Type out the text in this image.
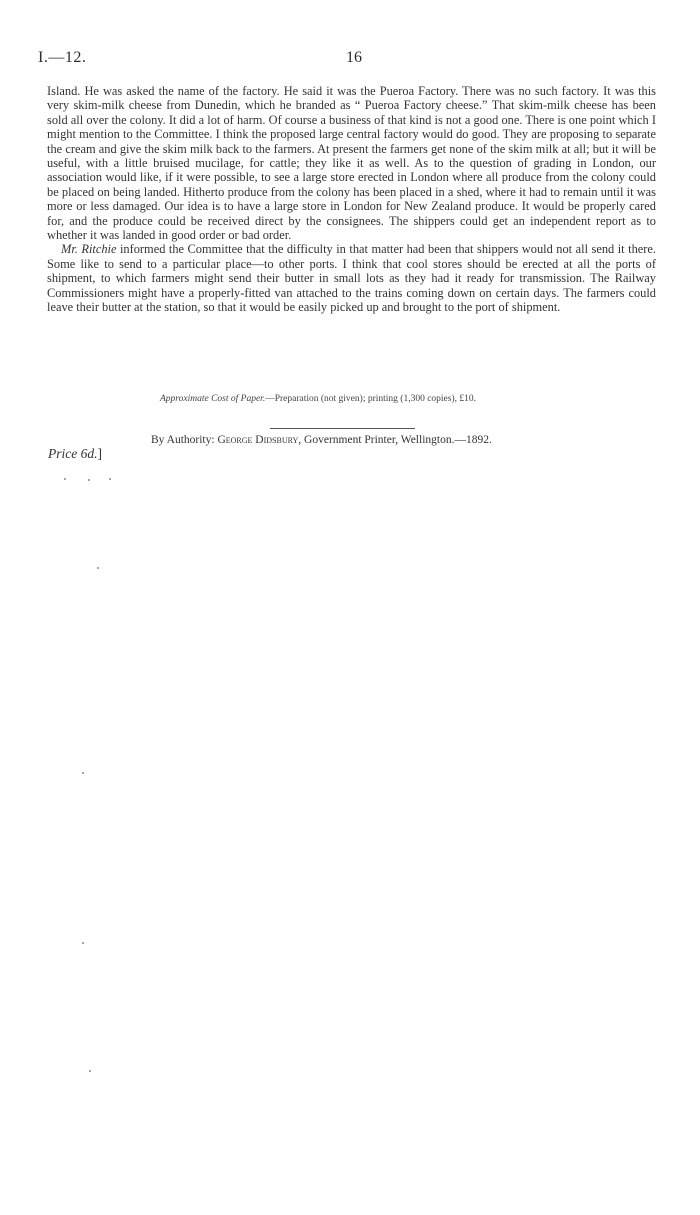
I.—12.	16

Island. He was asked the name of the factory. He said it was the Pueroa Factory. There was no such factory. It was this very skim-milk cheese from Dunedin, which he branded as “ Pueroa Factory cheese.” That skim-milk cheese has been sold all over the colony. It did a lot of harm. Of course a business of that kind is not a good one. There is one point which I might mention to the Committee. I think the proposed large central factory would do good. They are proposing to separate the cream and give the skim milk back to the farmers. At present the farmers get none of the skim milk at all; but it will be useful, with a little bruised mucilage, for cattle; they like it as well. As to the question of grading in London, our association would like, if it were possible, to see a large store erected in London where all produce from the colony could be placed on being landed. Hitherto produce from the colony has been placed in a shed, where it had to remain until it was more or less damaged. Our idea is to have a large store in London for New Zealand produce. It would be properly cared for, and the produce could be received direct by the consignees. The shippers could get an independent report as to whether it was landed in good order or bad order.

Mr. Ritchie informed the Committee that the difficulty in that matter had been that shippers would not all send it there. Some like to send to a particular place—to other ports. I think that cool stores should be erected at all the ports of shipment, to which farmers might send their butter in small lots as they had it ready for transmission. The Railway Commissioners might have a properly-fitted van attached to the trains coming down on certain days. The farmers could leave their butter at the station, so that it would be easily picked up and brought to the port of shipment.

Approximate Cost of Paper.—Preparation (not given); printing (1,300 copies), £10.
By Authority: George Didsbury, Government Printer, Wellington.—1892.
Price 6d.]
